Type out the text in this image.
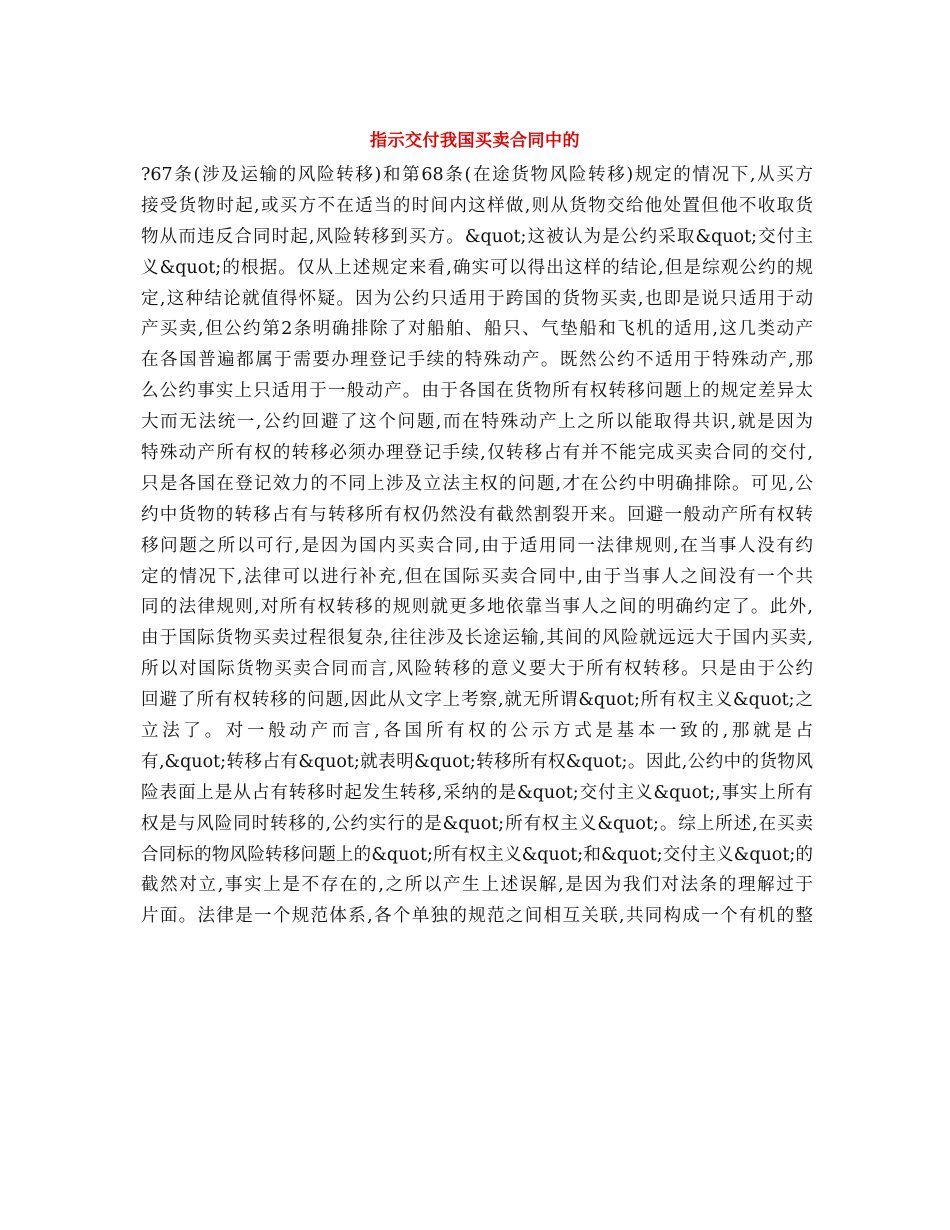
指示交付我国买卖合同中的
?67条(涉及运输的风险转移)和第68条(在途货物风险转移)规定的情况下,从买方
接受货物时起,或买方不在适当的时间内这样做,则从货物交给他处置但他不收取货
物从而违反合同时起,风险转移到买方。&quot;这被认为是公约采取&quot;交付主
义&quot;的根据。仅从上述规定来看,确实可以得出这样的结论,但是综观公约的规
定,这种结论就值得怀疑。因为公约只适用于跨国的货物买卖,也即是说只适用于动
产买卖,但公约第2条明确排除了对船舶、船只、气垫船和飞机的适用,这几类动产
在各国普遍都属于需要办理登记手续的特殊动产。既然公约不适用于特殊动产,那
么公约事实上只适用于一般动产。由于各国在货物所有权转移问题上的规定差异太
大而无法统一,公约回避了这个问题,而在特殊动产上之所以能取得共识,就是因为
特殊动产所有权的转移必须办理登记手续,仅转移占有并不能完成买卖合同的交付,
只是各国在登记效力的不同上涉及立法主权的问题,才在公约中明确排除。可见,公
约中货物的转移占有与转移所有权仍然没有截然割裂开来。回避一般动产所有权转
移问题之所以可行,是因为国内买卖合同,由于适用同一法律规则,在当事人没有约
定的情况下,法律可以进行补充,但在国际买卖合同中,由于当事人之间没有一个共
同的法律规则,对所有权转移的规则就更多地依靠当事人之间的明确约定了。此外,
由于国际货物买卖过程很复杂,往往涉及长途运输,其间的风险就远远大于国内买卖,
所以对国际货物买卖合同而言,风险转移的意义要大于所有权转移。只是由于公约
回避了所有权转移的问题,因此从文字上考察,就无所谓&quot;所有权主义&quot;之
立法了。对一般动产而言,各国所有权的公示方式是基本一致的,那就是占
有,&quot;转移占有&quot;就表明&quot;转移所有权&quot;。因此,公约中的货物风
险表面上是从占有转移时起发生转移,采纳的是&quot;交付主义&quot;,事实上所有
权是与风险同时转移的,公约实行的是&quot;所有权主义&quot;。综上所述,在买卖
合同标的物风险转移问题上的&quot;所有权主义&quot;和&quot;交付主义&quot;的
截然对立,事实上是不存在的,之所以产生上述误解,是因为我们对法条的理解过于
片面。法律是一个规范体系,各个单独的规范之间相互关联,共同构成一个有机的整
